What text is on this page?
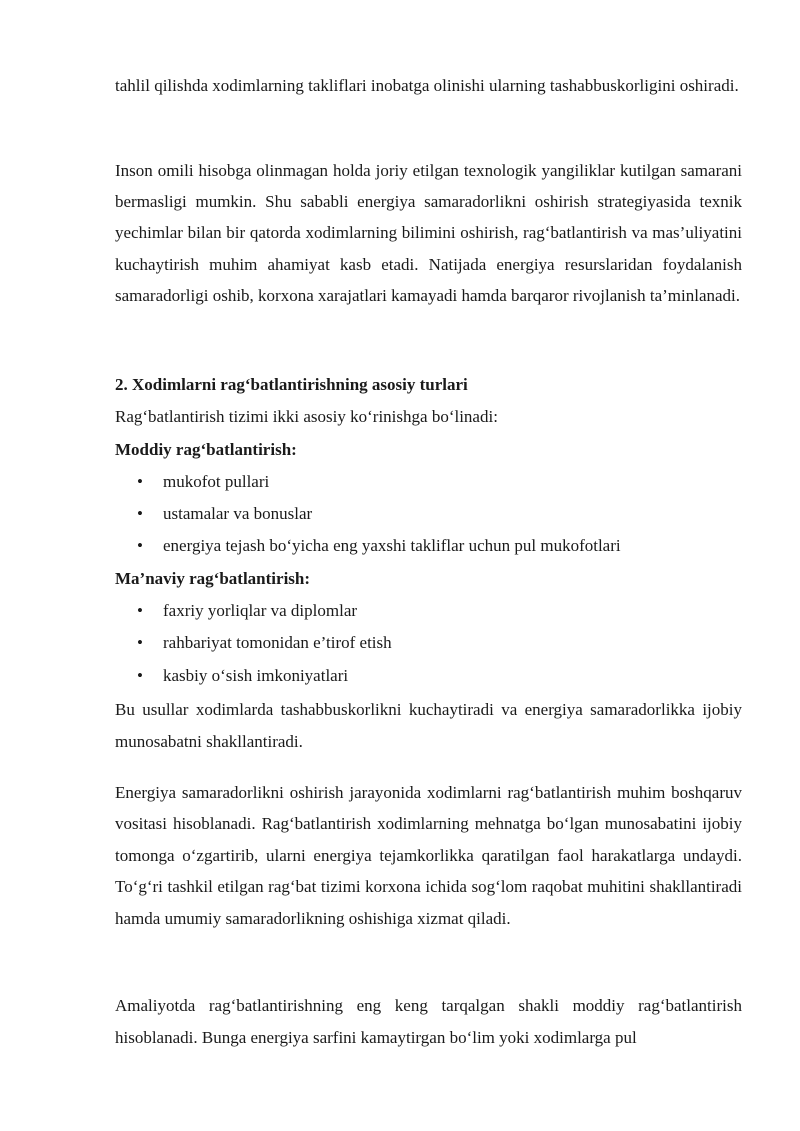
tahlil qilishda xodimlarning takliflari inobatga olinishi ularning tashabbuskorligini oshiradi.

Inson omili hisobga olinmagan holda joriy etilgan texnologik yangiliklar kutilgan samarani bermasligi mumkin. Shu sababli energiya samaradorlikni oshirish strategiyasida texnik yechimlar bilan bir qatorda xodimlarning bilimini oshirish, rag‘batlantirish va mas’uliyatini kuchaytirish muhim ahamiyat kasb etadi. Natijada energiya resurslaridan foydalanish samaradorligi oshib, korxona xarajatlari kamayadi hamda barqaror rivojlanish ta’minlanadi.

2. Xodimlarni rag‘batlantirishning asosiy turlari

Rag‘batlantirish tizimi ikki asosiy ko‘rinishga bo‘linadi:

Moddiy rag‘batlantirish:

• mukofot pullari
• ustamalar va bonuslar
• energiya tejash bo‘yicha eng yaxshi takliflar uchun pul mukofotlari

Ma’naviy rag‘batlantirish:

• faxriy yorliqlar va diplomlar
• rahbariyat tomonidan e’tirof etish
• kasbiy o‘sish imkoniyatlari

Bu usullar xodimlarda tashabbuskorlikni kuchaytiradi va energiya samaradorlikka ijobiy munosabatni shakllantiradi.

Energiya samaradorlikni oshirish jarayonida xodimlarni rag‘batlantirish muhim boshqaruv vositasi hisoblanadi. Rag‘batlantirish xodimlarning mehnatga bo‘lgan munosabatini ijobiy tomonga o‘zgartirib, ularni energiya tejamkorlikka qaratilgan faol harakatlarga undaydi. To‘g‘ri tashkil etilgan rag‘bat tizimi korxona ichida sog‘lom raqobat muhitini shakllantiradi hamda umumiy samaradorlikning oshishiga xizmat qiladi.

Amaliyotda rag‘batlantirishning eng keng tarqalgan shakli moddiy rag‘batlantirish hisoblanadi. Bunga energiya sarfini kamaytirgan bo‘lim yoki xodimlarga pul
